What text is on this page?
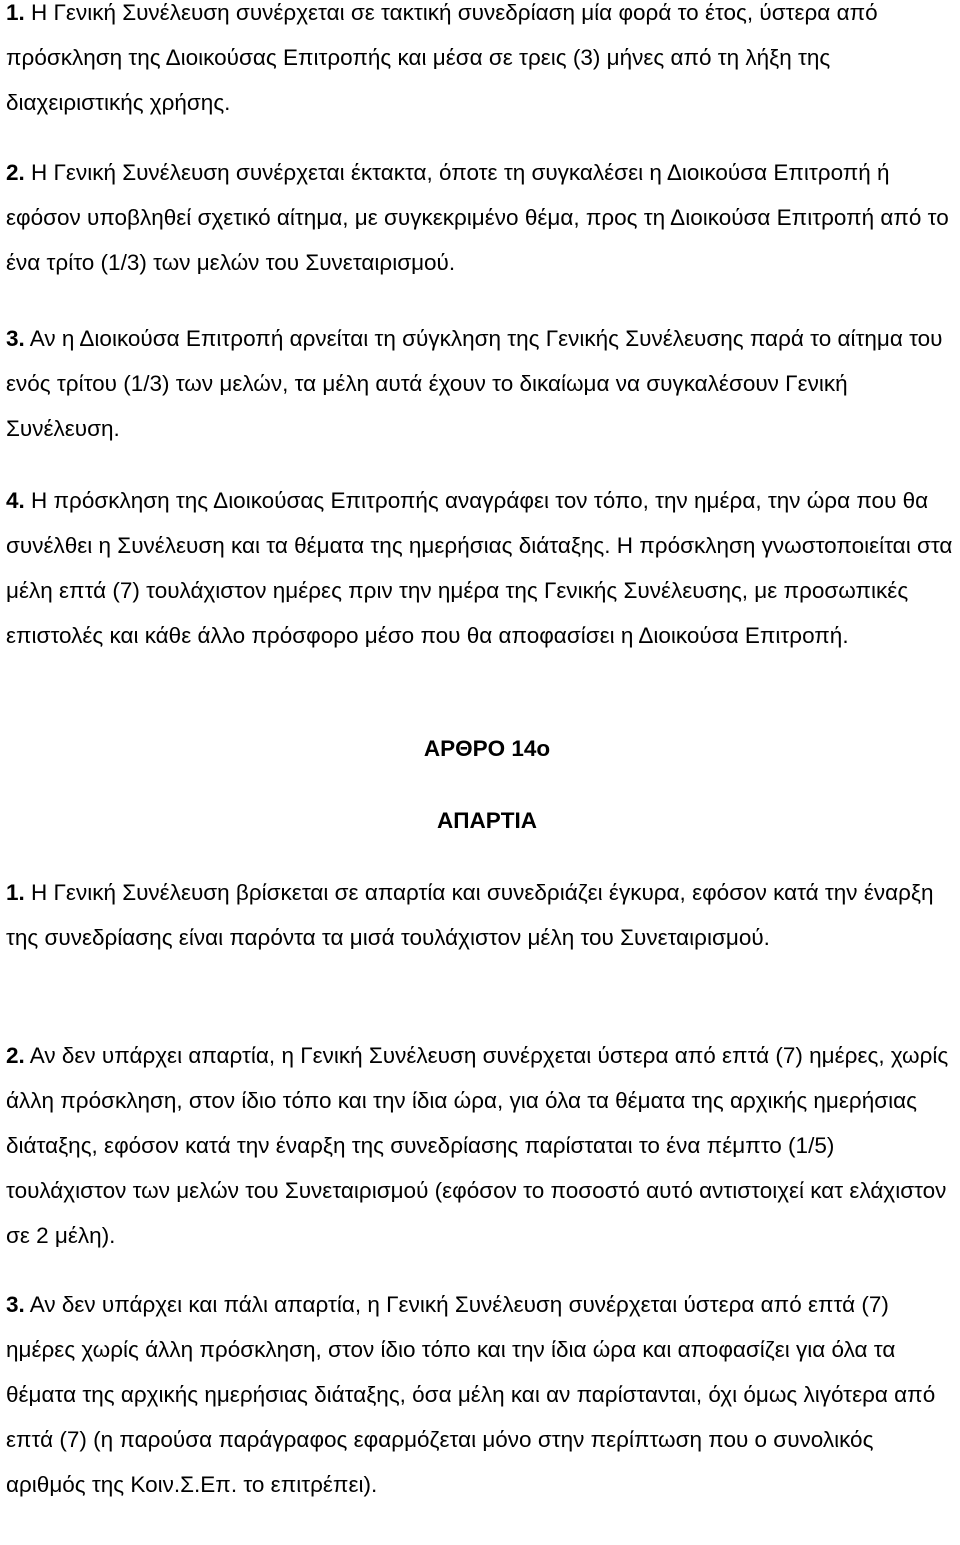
1. Η Γενική Συνέλευση συνέρχεται σε τακτική συνεδρίαση μία φορά το έτος, ύστερα από πρόσκληση της Διοικούσας Επιτροπής και μέσα σε τρεις (3) μήνες από τη λήξη της διαχειριστικής χρήσης.

2. Η Γενική Συνέλευση συνέρχεται έκτακτα, όποτε τη συγκαλέσει η Διοικούσα Επιτροπή ή εφόσον υποβληθεί σχετικό αίτημα, με συγκεκριμένο θέμα, προς τη Διοικούσα Επιτροπή από το ένα τρίτο (1/3) των μελών του Συνεταιρισμού.

3. Αν η Διοικούσα Επιτροπή αρνείται τη σύγκληση της Γενικής Συνέλευσης παρά το αίτημα του ενός τρίτου (1/3) των μελών, τα μέλη αυτά έχουν το δικαίωμα να συγκαλέσουν Γενική Συνέλευση.

4. Η πρόσκληση της Διοικούσας Επιτροπής αναγράφει τον τόπο, την ημέρα, την ώρα που θα συνέλθει η Συνέλευση και τα θέματα της ημερήσιας διάταξης. Η πρόσκληση γνωστοποιείται στα μέλη επτά (7) τουλάχιστον ημέρες πριν την ημέρα της Γενικής Συνέλευσης, με προσωπικές επιστολές και κάθε άλλο πρόσφορο μέσο που θα αποφασίσει η Διοικούσα Επιτροπή.

ΑΡΘΡΟ 14ο
ΑΠΑΡΤΙΑ

1. Η Γενική Συνέλευση βρίσκεται σε απαρτία και συνεδριάζει έγκυρα, εφόσον κατά την έναρξη της συνεδρίασης είναι παρόντα τα μισά τουλάχιστον μέλη του Συνεταιρισμού.

2. Αν δεν υπάρχει απαρτία, η Γενική Συνέλευση συνέρχεται ύστερα από επτά (7) ημέρες, χωρίς άλλη πρόσκληση, στον ίδιο τόπο και την ίδια ώρα, για όλα τα θέματα της αρχικής ημερήσιας διάταξης, εφόσον κατά την έναρξη της συνεδρίασης παρίσταται το ένα πέμπτο (1/5) τουλάχιστον των μελών του Συνεταιρισμού (εφόσον το ποσοστό αυτό αντιστοιχεί κατ ελάχιστον σε 2 μέλη).

3. Αν δεν υπάρχει και πάλι απαρτία, η Γενική Συνέλευση συνέρχεται ύστερα από επτά (7) ημέρες χωρίς άλλη πρόσκληση, στον ίδιο τόπο και την ίδια ώρα και αποφασίζει για όλα τα θέματα της αρχικής ημερήσιας διάταξης, όσα μέλη και αν παρίστανται, όχι όμως λιγότερα από επτά (7) (η παρούσα παράγραφος εφαρμόζεται μόνο στην περίπτωση που ο συνολικός αριθμός της Κοιν.Σ.Επ. το επιτρέπει).
